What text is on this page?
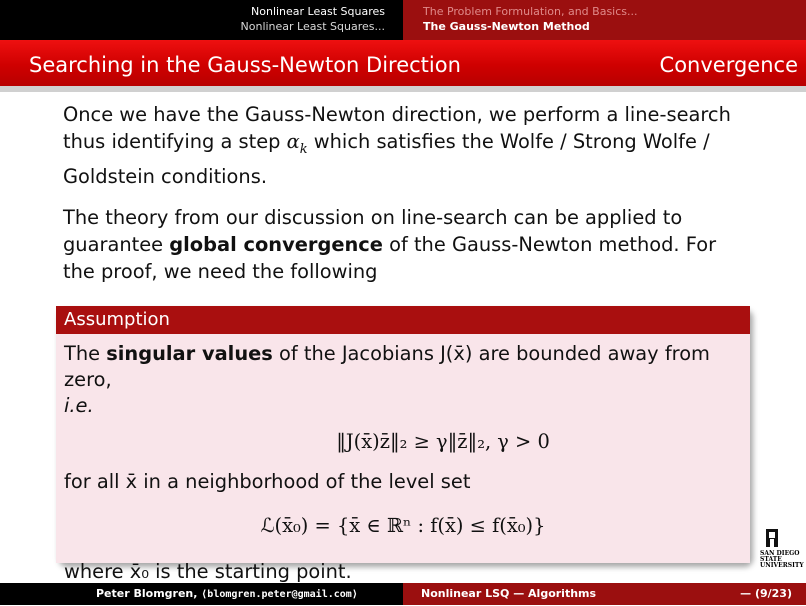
Nonlinear Least Squares
Nonlinear Least Squares...
The Problem Formulation, and Basics...
The Gauss-Newton Method
Searching in the Gauss-Newton Direction	Convergence

Once we have the Gauss-Newton direction, we perform a line-search thus identifying a step $\alpha_k$ which satisfies the Wolfe / Strong Wolfe / Goldstein conditions.

The theory from our discussion on line-search can be applied to guarantee global convergence of the Gauss-Newton method. For the proof, we need the following

Assumption

The singular values of the Jacobians J(x̄) are bounded away from zero,

i.e.

‖J(x̄)z̄‖₂ ≥ γ‖z̄‖₂, γ > 0

for all x̄ in a neighborhood of the level set

ℒ(x̄₀) = {x̄ ∈ ℝⁿ : f(x̄) ≤ f(x̄₀)}

where x̄₀ is the starting point.

SAN DIEGO STATE UNIVERSITY
Peter Blomgren, ⟨blomgren.peter@gmail.com⟩	Nonlinear LSQ — Algorithms	— (9/23)
